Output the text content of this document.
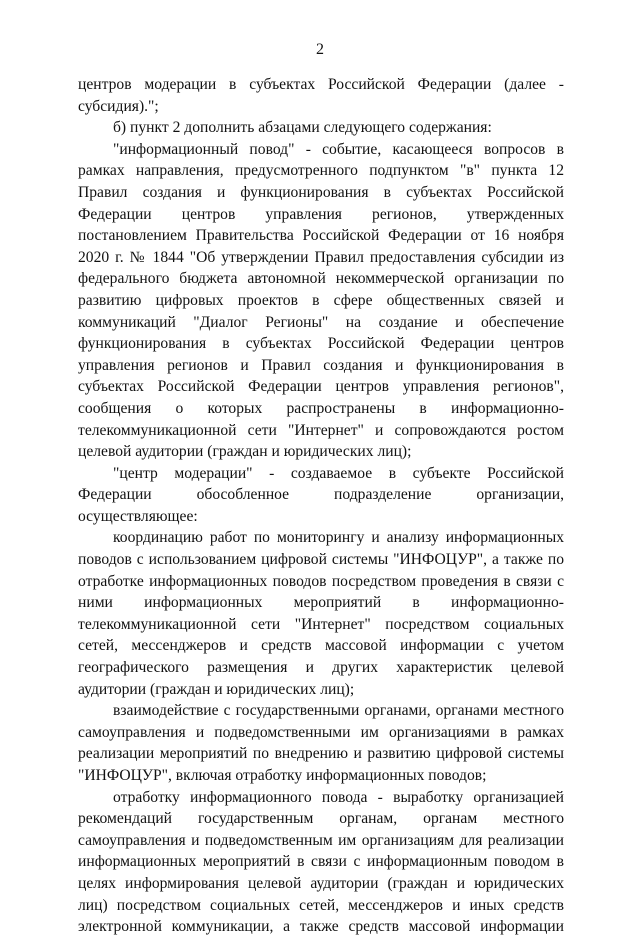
2

центров модерации в субъектах Российской Федерации (далее - субсидия).";

б) пункт 2 дополнить абзацами следующего содержания:

"информационный повод" - событие, касающееся вопросов в рамках направления, предусмотренного подпунктом "в" пункта 12 Правил создания и функционирования в субъектах Российской Федерации центров управления регионов, утвержденных постановлением Правительства Российской Федерации от 16 ноября 2020 г. № 1844 "Об утверждении Правил предоставления субсидии из федерального бюджета автономной некоммерческой организации по развитию цифровых проектов в сфере общественных связей и коммуникаций "Диалог Регионы" на создание и обеспечение функционирования в субъектах Российской Федерации центров управления регионов и Правил создания и функционирования в субъектах Российской Федерации центров управления регионов", сообщения о которых распространены в информационно-телекоммуникационной сети "Интернет" и сопровождаются ростом целевой аудитории (граждан и юридических лиц);

"центр модерации" - создаваемое в субъекте Российской Федерации обособленное подразделение организации, осуществляющее:

координацию работ по мониторингу и анализу информационных поводов с использованием цифровой системы "ИНФОЦУР", а также по отработке информационных поводов посредством проведения в связи с ними информационных мероприятий в информационно-телекоммуникационной сети "Интернет" посредством социальных сетей, мессенджеров и средств массовой информации с учетом географического размещения и других характеристик целевой аудитории (граждан и юридических лиц);

взаимодействие с государственными органами, органами местного самоуправления и подведомственными им организациями в рамках реализации мероприятий по внедрению и развитию цифровой системы "ИНФОЦУР", включая отработку информационных поводов;

отработку информационного повода - выработку организацией рекомендаций государственным органам, органам местного самоуправления и подведомственным им организациям для реализации информационных мероприятий в связи с информационным поводом в целях информирования целевой аудитории (граждан и юридических лиц) посредством социальных сетей, мессенджеров и иных средств электронной коммуникации, а также средств массовой информации
